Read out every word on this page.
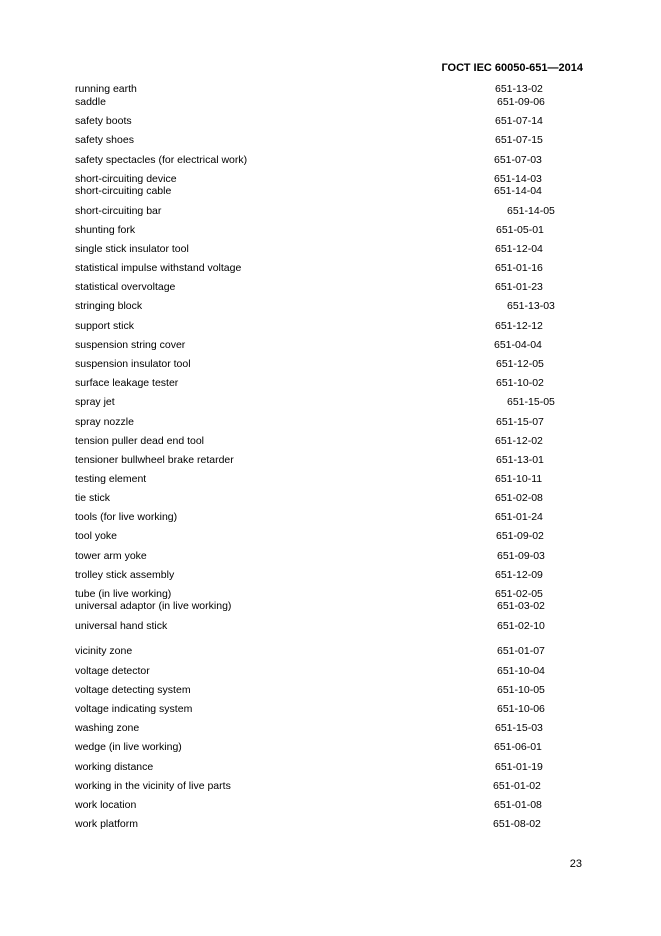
ГОСТ IEC 60050-651—2014
running earth	651-13-02
saddle	651-09-06
safety boots	651-07-14
safety shoes	651-07-15
safety spectacles (for electrical work)	651-07-03
short-circuiting device	651-14-03
short-circuiting cable	651-14-04
short-circuiting bar	651-14-05
shunting fork	651-05-01
single stick insulator tool	651-12-04
statistical impulse withstand voltage	651-01-16
statistical overvoltage	651-01-23
stringing block	651-13-03
support stick	651-12-12
suspension string cover	651-04-04
suspension insulator tool	651-12-05
surface leakage tester	651-10-02
spray jet	651-15-05
spray nozzle	651-15-07
tension puller dead end tool	651-12-02
tensioner bullwheel brake retarder	651-13-01
testing element	651-10-11
tie stick	651-02-08
tools (for live working)	651-01-24
tool yoke	651-09-02
tower arm yoke	651-09-03
trolley stick assembly	651-12-09
tube (in live working)	651-02-05
universal adaptor (in live working)	651-03-02
universal hand stick	651-02-10
vicinity zone	651-01-07
voltage detector	651-10-04
voltage detecting system	651-10-05
voltage indicating system	651-10-06
washing zone	651-15-03
wedge (in live working)	651-06-01
working distance	651-01-19
working in the vicinity of live parts	651-01-02
work location	651-01-08
work platform	651-08-02
23
